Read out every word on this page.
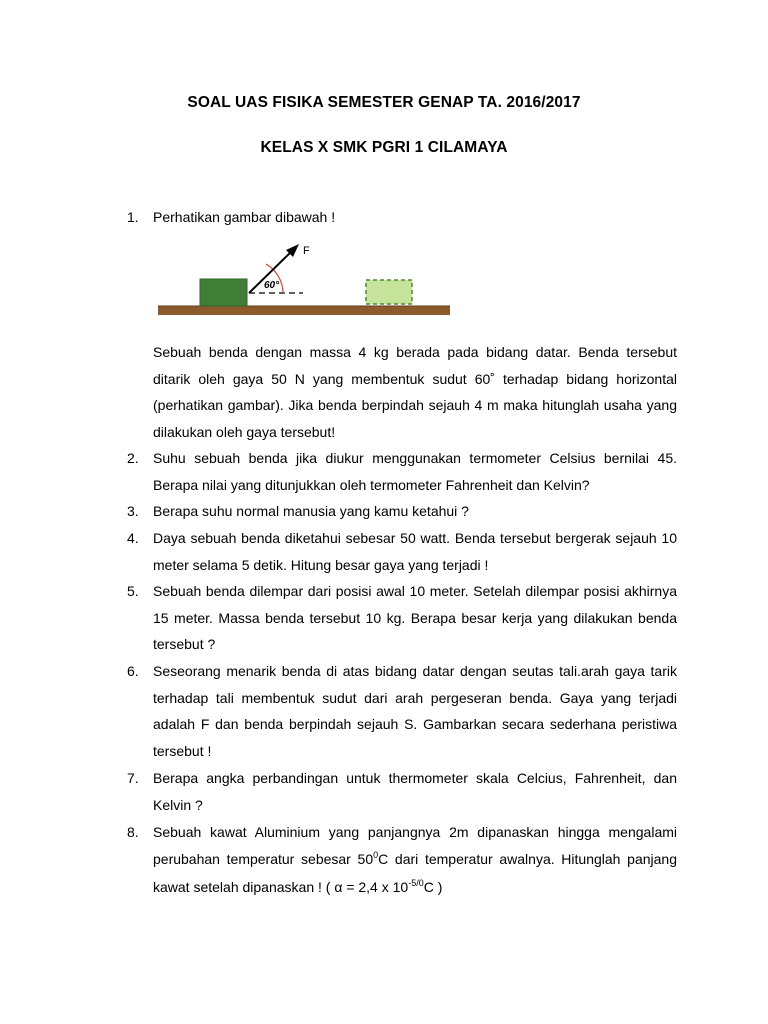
SOAL UAS FISIKA SEMESTER GENAP TA. 2016/2017
KELAS X SMK PGRI 1 CILAMAYA
1. Perhatikan gambar dibawah !
F
60°
Sebuah benda dengan massa 4 kg berada pada bidang datar. Benda tersebut ditarik oleh gaya 50 N yang membentuk sudut 60˚ terhadap bidang horizontal (perhatikan gambar). Jika benda berpindah sejauh 4 m maka hitunglah usaha yang dilakukan oleh gaya tersebut!
2. Suhu sebuah benda jika diukur menggunakan termometer Celsius bernilai 45. Berapa nilai yang ditunjukkan oleh termometer Fahrenheit dan Kelvin?
3. Berapa suhu normal manusia yang kamu ketahui ?
4. Daya sebuah benda diketahui sebesar 50 watt. Benda tersebut bergerak sejauh 10 meter selama 5 detik. Hitung besar gaya yang terjadi !
5. Sebuah benda dilempar dari posisi awal 10 meter. Setelah dilempar posisi akhirnya 15 meter. Massa benda tersebut 10 kg. Berapa besar kerja yang dilakukan benda tersebut ?
6. Seseorang menarik benda di atas bidang datar dengan seutas tali.arah gaya tarik terhadap tali membentuk sudut dari arah pergeseran benda. Gaya yang terjadi adalah F dan benda berpindah sejauh S. Gambarkan secara sederhana peristiwa tersebut !
7. Berapa angka perbandingan untuk thermometer skala Celcius, Fahrenheit, dan Kelvin ?
8. Sebuah kawat Aluminium yang panjangnya 2m dipanaskan hingga mengalami perubahan temperatur sebesar $50^0C$ dari temperatur awalnya. Hitunglah panjang kawat setelah dipanaskan ! ( α = 2,4 x $10^{-5/0}C$ )
